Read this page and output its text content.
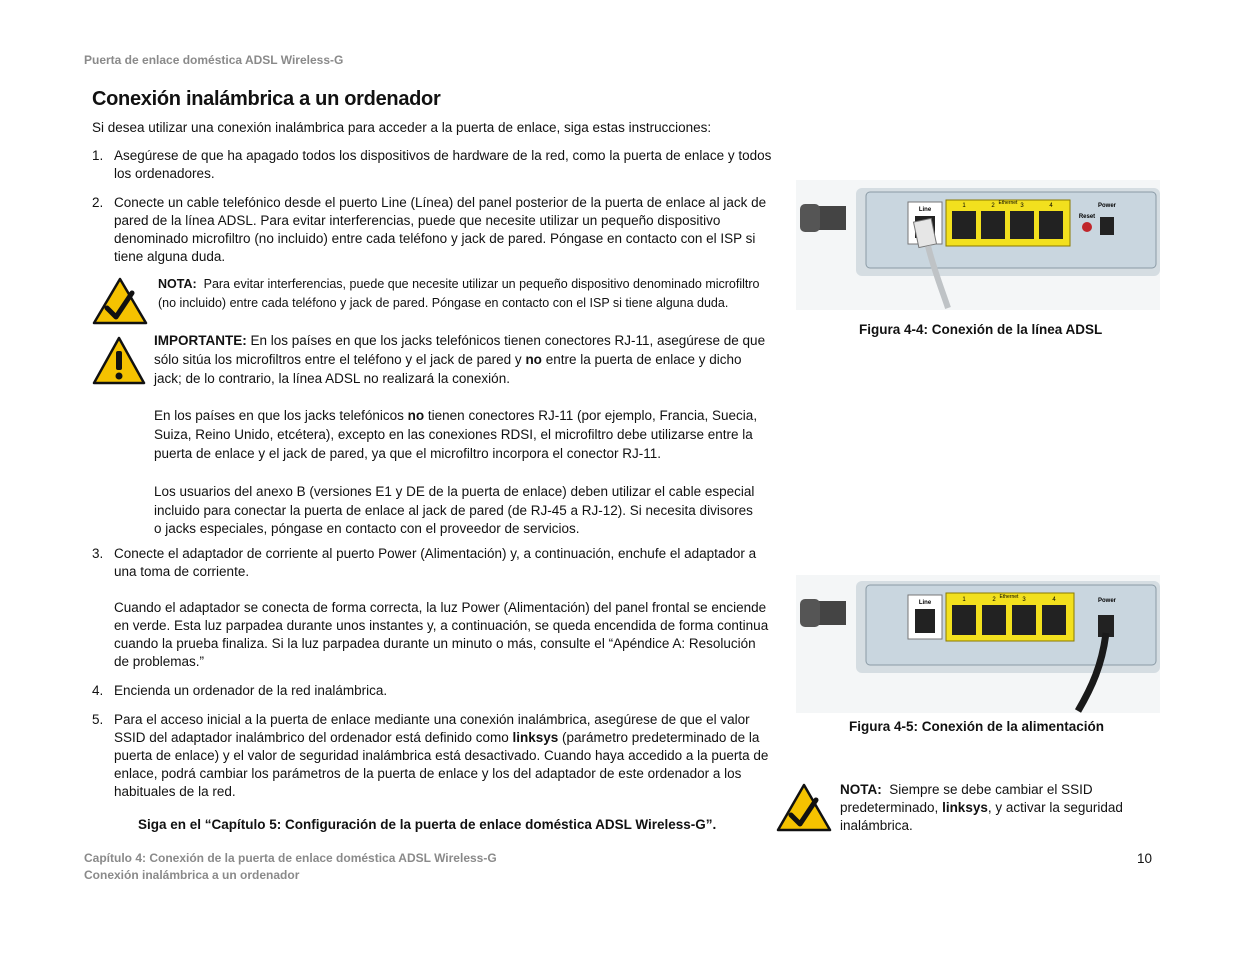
Puerta de enlace doméstica ADSL Wireless-G
Conexión inalámbrica a un ordenador
Si desea utilizar una conexión inalámbrica para acceder a la puerta de enlace, siga estas instrucciones:
1. Asegúrese de que ha apagado todos los dispositivos de hardware de la red, como la puerta de enlace y todos
los ordenadores.
2. Conecte un cable telefónico desde el puerto Line (Línea) del panel posterior de la puerta de enlace al jack de
pared de la línea ADSL. Para evitar interferencias, puede que necesite utilizar un pequeño dispositivo
denominado microfiltro (no incluido) entre cada teléfono y jack de pared. Póngase en contacto con el ISP si
tiene alguna duda.
NOTA: Para evitar interferencias, puede que necesite utilizar un pequeño dispositivo denominado microfiltro
(no incluido) entre cada teléfono y jack de pared. Póngase en contacto con el ISP si tiene alguna duda.
IMPORTANTE: En los países en que los jacks telefónicos tienen conectores RJ-11, asegúrese de que
sólo sitúa los microfiltros entre el teléfono y el jack de pared y no entre la puerta de enlace y dicho
jack; de lo contrario, la línea ADSL no realizará la conexión.
En los países en que los jacks telefónicos no tienen conectores RJ-11 (por ejemplo, Francia, Suecia,
Suiza, Reino Unido, etcétera), excepto en las conexiones RDSI, el microfiltro debe utilizarse entre la
puerta de enlace y el jack de pared, ya que el microfiltro incorpora el conector RJ-11.
Los usuarios del anexo B (versiones E1 y DE de la puerta de enlace) deben utilizar el cable especial
incluido para conectar la puerta de enlace al jack de pared (de RJ-45 a RJ-12). Si necesita divisores
o jacks especiales, póngase en contacto con el proveedor de servicios.
3. Conecte el adaptador de corriente al puerto Power (Alimentación) y, a continuación, enchufe el adaptador a
una toma de corriente.
Cuando el adaptador se conecta de forma correcta, la luz Power (Alimentación) del panel frontal se enciende
en verde. Esta luz parpadea durante unos instantes y, a continuación, se queda encendida de forma continua
cuando la prueba finaliza. Si la luz parpadea durante un minuto o más, consulte el “Apéndice A: Resolución
de problemas.”
4. Encienda un ordenador de la red inalámbrica.
5. Para el acceso inicial a la puerta de enlace mediante una conexión inalámbrica, asegúrese de que el valor
SSID del adaptador inalámbrico del ordenador está definido como linksys (parámetro predeterminado de la
puerta de enlace) y el valor de seguridad inalámbrica está desactivado. Cuando haya accedido a la puerta de
enlace, podrá cambiar los parámetros de la puerta de enlace y los del adaptador de este ordenador a los
habituales de la red.
Siga en el “Capítulo 5: Configuración de la puerta de enlace doméstica ADSL Wireless-G”.
Line
1	2	3	4
Ethernet
Reset
Power
Figura 4-4: Conexión de la línea ADSL
Line	1	2	3	4
Ethernet
Power
Figura 4-5: Conexión de la alimentación
NOTA: Siempre se debe cambiar el SSID
predeterminado, linksys, y activar la seguridad
inalámbrica.
Capítulo 4: Conexión de la puerta de enlace doméstica ADSL Wireless-G
Conexión inalámbrica a un ordenador
10
